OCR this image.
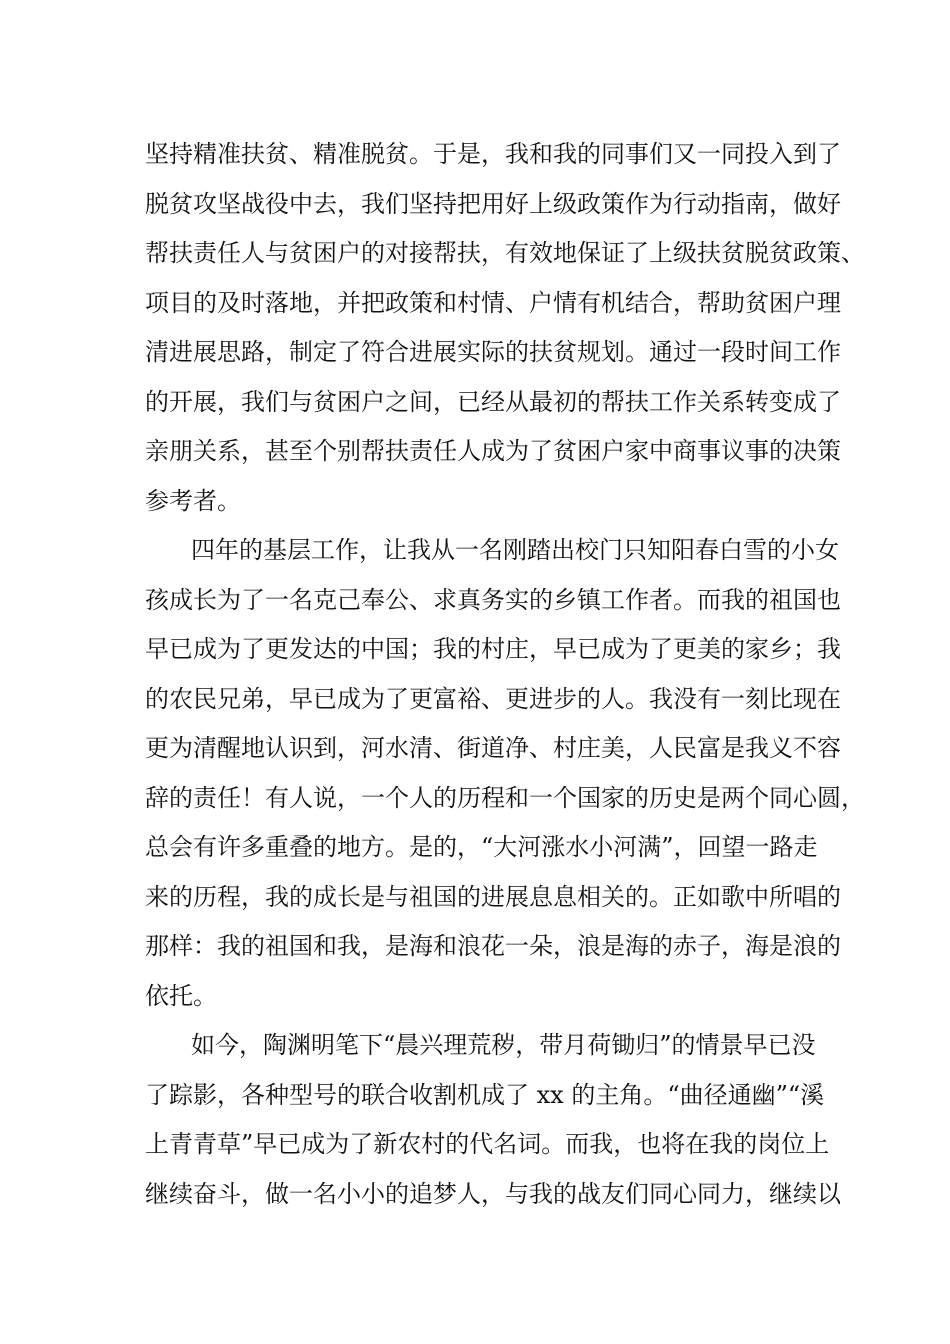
坚持精准扶贫、精准脱贫。于是，我和我的同事们又一同投入到了

脱贫攻坚战役中去，我们坚持把用好上级政策作为行动指南，做好

帮扶责任人与贫困户的对接帮扶，有效地保证了上级扶贫脱贫政策、

项目的及时落地，并把政策和村情、户情有机结合，帮助贫困户理

清进展思路，制定了符合进展实际的扶贫规划。通过一段时间工作

的开展，我们与贫困户之间，已经从最初的帮扶工作关系转变成了

亲朋关系，甚至个别帮扶责任人成为了贫困户家中商事议事的决策

参考者。

四年的基层工作，让我从一名刚踏出校门只知阳春白雪的小女

孩成长为了一名克己奉公、求真务实的乡镇工作者。而我的祖国也

早已成为了更发达的中国；我的村庄，早已成为了更美的家乡；我

的农民兄弟，早已成为了更富裕、更进步的人。我没有一刻比现在

更为清醒地认识到，河水清、街道净、村庄美，人民富是我义不容

辞的责任！有人说，一个人的历程和一个国家的历史是两个同心圆，

总会有许多重叠的地方。是的，“大河涨水小河满”，回望一路走

来的历程，我的成长是与祖国的进展息息相关的。正如歌中所唱的

那样：我的祖国和我，是海和浪花一朵，浪是海的赤子，海是浪的

依托。

如今，陶渊明笔下“晨兴理荒秽，带月荷锄归”的情景早已没

了踪影，各种型号的联合收割机成了 xx 的主角。“曲径通幽”“溪

上青青草”早已成为了新农村的代名词。而我，也将在我的岗位上

继续奋斗，做一名小小的追梦人，与我的战友们同心同力，继续以
